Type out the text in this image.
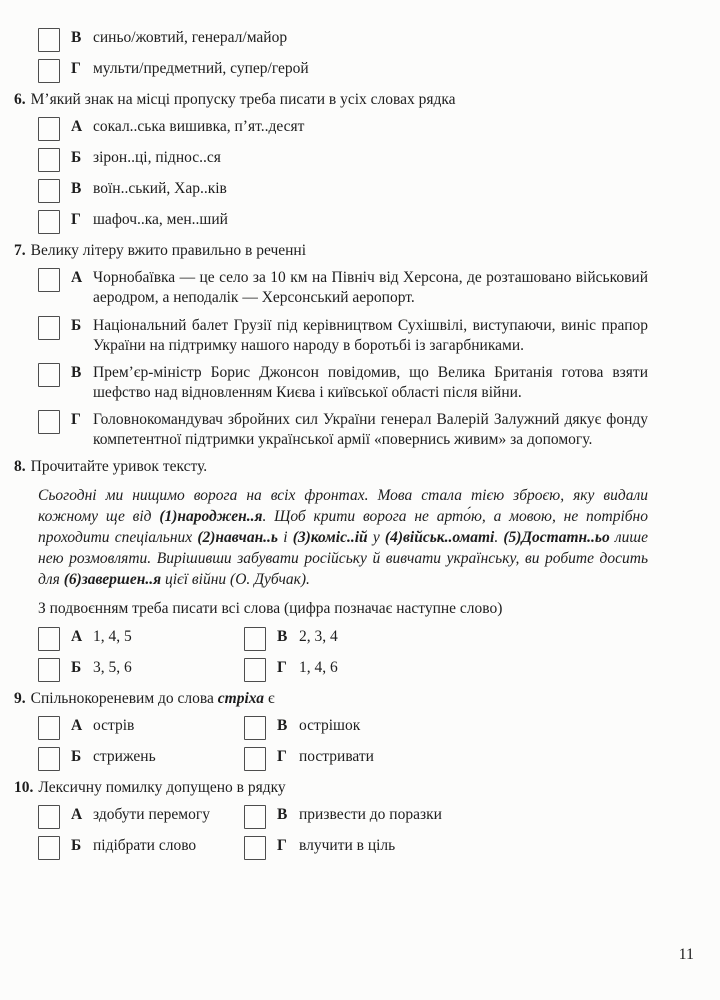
В синьо/жовтий, генерал/майор
Г мульти/предметний, супер/герой
6. М’який знак на місці пропуску треба писати в усіх словах рядка
А сокал..ська вишивка, п’ят..десят
Б зірон..ці, піднос..ся
В воїн..ський, Хар..ків
Г шафоч..ка, мен..ший
7. Велику літеру вжито правильно в реченні
А Чорнобаївка — це село за 10 км на Північ від Херсона, де розташовано військовий аеродром, а неподалік — Херсонський аеропорт.
Б Національний балет Грузії під керівництвом Сухішвілі, виступаючи, виніс прапор України на підтримку нашого народу в боротьбі із загарбниками.
В Прем’єр-міністр Борис Джонсон повідомив, що Велика Британія готова взяти шефство над відновленням Києва і київської області після війни.
Г Головнокомандувач збройних сил України генерал Валерій Залужний дякує фонду компетентної підтримки української армії «повернись живим» за допомогу.
8. Прочитайте уривок тексту.

Сьогодні ми нищимо ворога на всіх фронтах. Мова стала тією зброєю, яку видали кожному ще від (1)народжен..я. Щоб крити ворога не арто́ю, а мовою, не потрібно проходити спеціальних (2)навчан..ь і (3)коміс..ій у (4)військ..оматі. (5)Достатн..ьо лише нею розмовляти. Вирішивши забувати російську й вивчати українську, ви робите досить для (6)завершен..я цієї війни (О. Дубчак).

З подвоєнням треба писати всі слова (цифра позначає наступне слово)
А 1, 4, 5	В 2, 3, 4
Б 3, 5, 6	Г 1, 4, 6
9. Спільнокореневим до слова стріха є
А острів	В острішок
Б стрижень	Г постривати
10. Лексичну помилку допущено в рядку
А здобути перемогу	В призвести до поразки
Б підібрати слово	Г влучити в ціль
11
